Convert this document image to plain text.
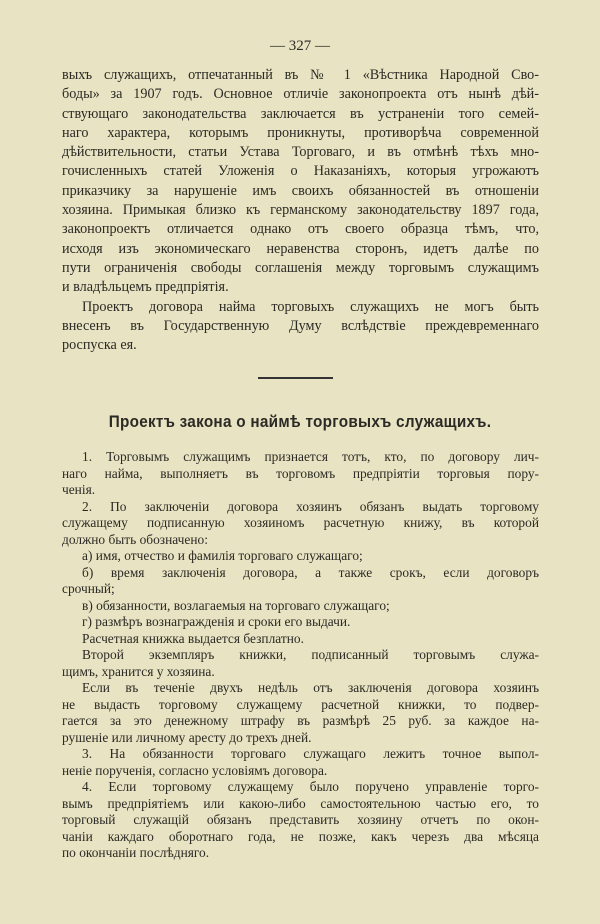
— 327 —
выхъ служащихъ, отпечатанный въ № 1 «Вѣстника Народной Сво-
боды» за 1907 годъ. Основное отличіе законопроекта отъ нынѣ дѣй-
ствующаго законодательства заключается въ устраненіи того семей-
наго характера, которымъ проникнуты, противорѣча современной
дѣйствительности, статьи Устава Торговаго, и въ отмѣнѣ тѣхъ мно-
гочисленныхъ статей Уложенія о Наказаніяхъ, которыя угрожаютъ
приказчику за нарушеніе имъ своихъ обязанностей въ отношеніи
хозяина. Примыкая близко къ германскому законодательству 1897 года,
законопроектъ отличается однако отъ своего образца тѣмъ, что,
исходя изъ экономическаго неравенства сторонъ, идетъ далѣе по
пути ограниченія свободы соглашенія между торговымъ служащимъ
и владѣльцемъ предпріятія.
Проектъ договора найма торговыхъ служащихъ не могъ быть
внесенъ въ Государственную Думу вслѣдствіе преждевременнаго
роспуска ея.
Проектъ закона о наймѣ торговыхъ служащихъ.
1. Торговымъ служащимъ признается тотъ, кто, по договору лич-
наго найма, выполняетъ въ торговомъ предпріятіи торговыя пору-
ченія.
2. По заключеніи договора хозяинъ обязанъ выдать торговому
служащему подписанную хозяиномъ расчетную книжу, въ которой
должно быть обозначено:
а) имя, отчество и фамилія торговаго служащаго;
б) время заключенія договора, а также срокъ, если договоръ
срочный;
в) обязанности, возлагаемыя на торговаго служащаго;
г) размѣръ вознагражденія и сроки его выдачи.
Расчетная книжка выдается безплатно.
Второй экземпляръ книжки, подписанный торговымъ служа-
щимъ, хранится у хозяина.
Если въ теченіе двухъ недѣль отъ заключенія договора хозяинъ
не выдасть торговому служащему расчетной книжки, то подвер-
гается за это денежному штрафу въ размѣрѣ 25 руб. за каждое на-
рушеніе или личному аресту до трехъ дней.
3. На обязанности торговаго служащаго лежитъ точное выпол-
неніе порученія, согласно условіямъ договора.
4. Если торговому служащему было поручено управленіе торго-
вымъ предпріятіемъ или какою-либо самостоятельною частью его, то
торговый служащій обязанъ представить хозяину отчетъ по окон-
чаніи каждаго оборотнаго года, не позже, какъ черезъ два мѣсяца
по окончаніи послѣдняго.
